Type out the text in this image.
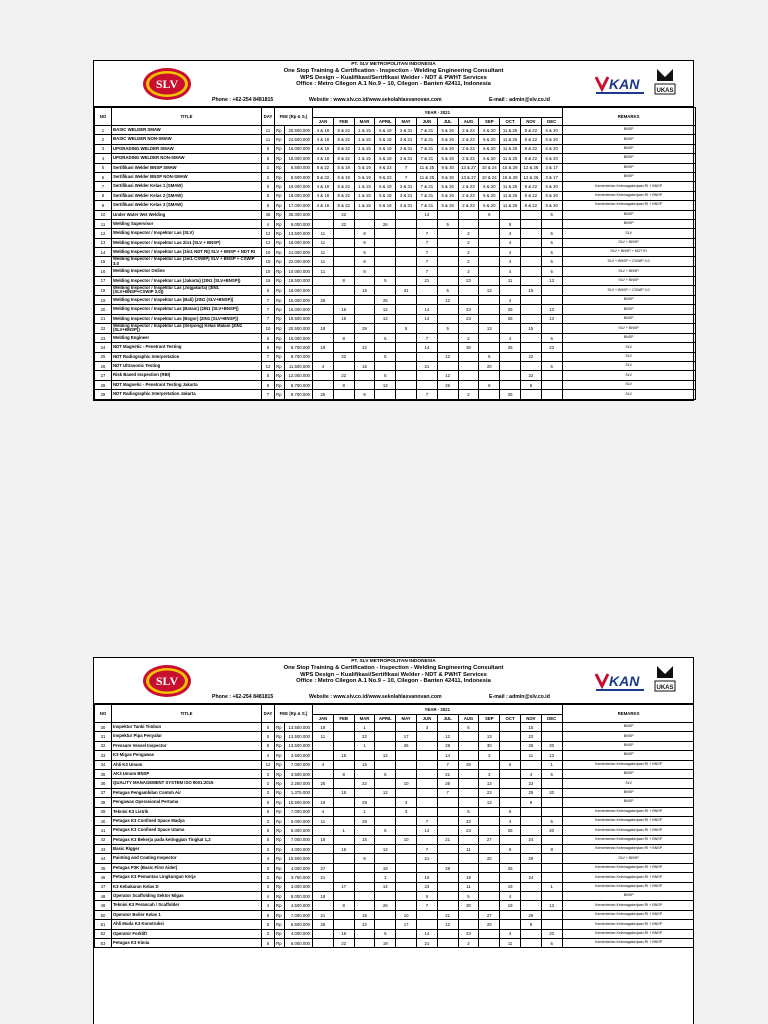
SLV
PT. SLV METROPOLITAN INDONESIA
One Stop Training & Certification - Inspection - Welding Engineering Consultant
WPS Design – Kualifikasi/Sertifikasi Welder - NDT & PWHT Services
Office : Metro Cilegon A.1 No.9 – 10, Cilegon - Banten 42411, Indonesia
Phone : +62-254 8481815	Website : www.slv.co.id/www.sekolahlasvanovan.com	E-mail : admin@slv.co.id
KAN	UKAS
NO	TITLE	DAY	FEE (Rp & S.)		YEAR - 2021												REMARKS
					JAN	FEB	MAR	APRIL	MAY	JUN	JUL	AUG	SEP	OCT	NOV	DEC	
1	BASIC WELDER SMAW	11	Rp	20.500.000	4 & 18	8 & 22	1 & 15	5 & 19	3 & 31	7 & 21	5 & 26	2 & 23	6 & 20	11 & 25	8 & 22	6 & 20	BNSP
2	BASIC WELDER NON-SMAW	11	Rp	24.500.000	4 & 18	8 & 22	1 & 15	5 & 19	3 & 31	7 & 21	5 & 26	2 & 23	6 & 20	11 & 25	8 & 22	6 & 20	BNSP
3	UPGRADING WELDER SMAW	6	Rp	16.000.000	4 & 18	8 & 22	1 & 15	5 & 19	3 & 31	7 & 21	5 & 26	2 & 23	6 & 20	11 & 25	8 & 22	6 & 20	BNSP
4	UPGRADING WELDER NON-SMAW	6	Rp	18.000.000	4 & 18	8 & 22	1 & 15	5 & 19	3 & 31	7 & 21	5 & 26	2 & 23	6 & 20	11 & 25	8 & 22	6 & 20	BNSP
5	Sertifikasi Welder BNSP SMAW	2	Rp	6.500.000	8 & 22	5 & 19	5 & 19	9 & 23	7	11 & 25	9 & 30	13 & 27	10 & 24	15 & 29	12 & 26	3 & 17	BNSP
6	Sertifikasi Welder BNSP NON-SMAW	2	Rp	8.500.000	8 & 22	5 & 19	5 & 19	9 & 23	7	11 & 25	9 & 30	13 & 27	10 & 24	15 & 29	12 & 26	3 & 17	BNSP
7	Sertifikasi Welder Kelas 1 (SMAW)	5	Rp	19.000.000	4 & 18	8 & 22	1 & 15	5 & 19	3 & 31	7 & 21	5 & 26	2 & 23	6 & 20	11 & 25	8 & 22	6 & 20	Kementerian Ketenagakerjaan RI + BNSP
8	Sertifikasi Welder Kelas 2 (SMAW)	5	Rp	18.000.000	4 & 18	8 & 22	1 & 15	5 & 19	3 & 31	7 & 21	5 & 26	2 & 23	6 & 20	11 & 25	8 & 22	6 & 20	Kementerian Ketenagakerjaan RI + BNSP
9	Sertifikasi Welder Kelas 3 (SMAW)	5	Rp	17.000.000	4 & 18	8 & 22	1 & 15	5 & 19	3 & 31	7 & 21	5 & 26	2 & 23	6 & 20	11 & 25	8 & 22	6 & 20	Kementerian Ketenagakerjaan RI + BNSP
10	Under Water Wet Welding	36	Rp	35.000.000		22				14			6			6	BNSP
11	Welding Supervisor	4	Rp	9.000.000		22		26			5			8			BNSP
12	Welding Inspector / Inspektur Las (SLV)	12	Rp	13.500.000	11		8			7		2		4		6	SLV
13	Welding Inspector / Inspektur Las 2in1 (SLV + BNSP)	12	Rp	18.000.000	11		8			7		2		4		6	SLV + BNSP
14	Welding Inspector / Inspektur Las (3in1 NDT RI) SLV + BNSP + NDT RI	19	Rp	21.000.000	11		8			7		2		4		6	SLV + BNSP + NDT RI
15	Welding Inspector / Inspektur Las (3in1 CSWIP) SLV + BNSP + CSWIP 3.0	15	Rp	22.000.000	11		8			7		2		4		6	SLV + BNSP + CSWIP 3.0
16	Welding Inspector Online	15	Rp	10.000.000	11		8			7		2		4		6	SLV + BNSP
17	Welding Inspector / Inspektur Las (Jakarta) (2IN1 (SLV+BNSP))	19	Rp	18.500.000		8		5		21		23		11		13	SLV + BNSP
18	Welding Inspector / Inspektur Las (Jogjakarta) (3IN1 (SLV+BNSP+CSWIP 3.0))	6	Rp	18.000.000			15		31		5		13		15		SLV + BNSP + CSWIP 3.0
19	Welding Inspector / Inspektur Las (Bali) (2IN1 (SLV+BNSP))	7	Rp	15.000.000	25			26			12			4			BNSP
20	Welding Inspector / Inspektur Las (Batam) (2IN1 (SLV+BNSP))	7	Rp	15.000.000		15		12		14		23		25		13	BNSP
21	Welding Inspector / Inspektur Las (Bogor) (2IN1 (SLV+BNSP))	7	Rp	18.500.000		15		12		14		23		25		13	BNSP
22	Welding Inspector / Inspektur Las (Serpong) Kelas Malam (2IN1 (SLV+BNSP))	10	Rp	20.500.000	18		29		5		5		13		15		SLV + BNSP
23	Welding Engineer	5	Rp	15.000.000		8		5		7		2		4		6	BNSP
24	NDT Magnetic - Penetrant Testing	6	Rp	8.700.000	18		22			14		30		25		23	SLV
25	NDT Radiographic Interpretation	7	Rp	8.700.000		22		5			12		6		22		SLV
26	NDT Ultrasonic Testing	12	Rp	11.500.000	4		15			21			20			6	SLV
27	Risk Based Inspection (RBI)	5	Rp	12.000.000		22		5			12				22		SLV
28	NDT Magnetic - Penetrant Testing Jakarta	6	Rp	8.700.000		8		12			26		6		8		SLV
29	NDT Radiographic Interpretation Jakarta	7	Rp	8.700.000	25		8			7		2		25			SLV
SLV
PT. SLV METROPOLITAN INDONESIA
One Stop Training & Certification - Inspection - Welding Engineering Consultant
WPS Design – Kualifikasi/Sertifikasi Welder - NDT & PWHT Services
Office : Metro Cilegon A.1 No.9 – 10, Cilegon - Banten 42411, Indonesia
Phone : +62-254 8481815	Website : www.slv.co.id/www.sekolahlasvanovan.com	E-mail : admin@slv.co.id
KAN	UKAS
NO	TITLE	DAY	FEE (Rp & S.)		YEAR - 2021												REMARKS
					JAN	FEB	MAR	APRIL	MAY	JUN	JUL	AUG	SEP	OCT	NOV	DEC	
30	Inspektur Tanki Timbun	5	Rp	13.500.000	18		1			3		6			15		BNSP
31	Inspektur Pipa Penyalur	5	Rp	13.500.000	11		22		17		12		13		22		BNSP
32	Pressure Vessel Inspector	5	Rp	13.500.000			1		26		28		30		25	20	BNSP
33	K3 Migas Pengawas	4	Rp	3.500.000		15		12			14		2		11	13	BNSP
34	Ahli K3 Umum	12	Rp	7.000.000	4		15				7	26		6		1	Kementerian Ketenagakerjaan RI + BNSP
35	AK3 Umum BNSP	3	Rp	3.500.000		8		5			21		2		4	6	BNSP
36	QUALITY MANAGEMENT SYSTEM ISO 9001:2015	2	Rp	2.250.000	25		22		10		26		13		23		SLV
37	Petugas Pengambilan Contoh Air	3	Rp	1.375.000		15		12			7		23		25	20	BNSP
38	Pengawas Operasional Pertama	5	Rp	10.500.000	18		29		3				13		8		BNSP
39	Teknisi K3 Listrik	6	Rp	7.000.000	4		1		3			5		6			Kementerian Ketenagakerjaan RI + BNSP
40	Petugas K3 Confined Space Madya	3	Rp	5.000.000	11		29			7		22		4		6	Kementerian Ketenagakerjaan RI + BNSP
41	Petugas K3 Confined Space Utama	5	Rp	6.000.000		1		5		14		23		25		20	Kementerian Ketenagakerjaan RI + BNSP
42	Petugas K3 Bekerja pada ketinggian Tingkat 1,2	5	Rp	7.000.000	18		15		10		21		27		24		Kementerian Ketenagakerjaan RI + BNSP
43	Basic Rigger	3	Rp	4.000.000		15		12		7		11		6		8	Kementerian Ketenagakerjaan RI + BNSP
44	Painting and Coating Inspector	4	Rp	15.500.000			8			21			20		29		SLV + BNSP
45	Petugas P3K (Basic First Aider)	3	Rp	4.000.000	27			19			28			25			Kementerian Ketenagakerjaan RI + BNSP
46	Petugas K3 Pemantau Lingkungan Kerja	2	Rp	3.750.000	21			1		10		18			24		Kementerian Ketenagakerjaan RI + BNSP
47	K3 Kebakaran Kelas D	3	Rp	3.000.000		17		14		23		11		19		1	Kementerian Ketenagakerjaan RI + BNSP
48	Operator Scaffolding Sektor Migas	4	Rp	8.000.000	18					5		5		4			BNSP
49	Teknisi K3 Perancah / Scaffolder	4	Rp	4.500.000		8		26		7		30		19		13	Kementerian Ketenagakerjaan RI + BNSP
50	Operator Boiler Kelas 1	6	Rp	7.000.000	21		15		10		21		27		29		Kementerian Ketenagakerjaan RI + BNSP
51	Ahli Muda K3 Konstruksi	5	Rp	6.500.000	25		22		17		12		20		8		Kementerian Ketenagakerjaan RI + BNSP
52	Operator Forklift	3	Rp	4.000.000		15		5		14		23		4		20	Kementerian Ketenagakerjaan RI + BNSP
53	Petugas K3 Kimia	6	Rp	6.000.000		22		19		21		2		11		6	Kementerian Ketenagakerjaan RI + BNSP
